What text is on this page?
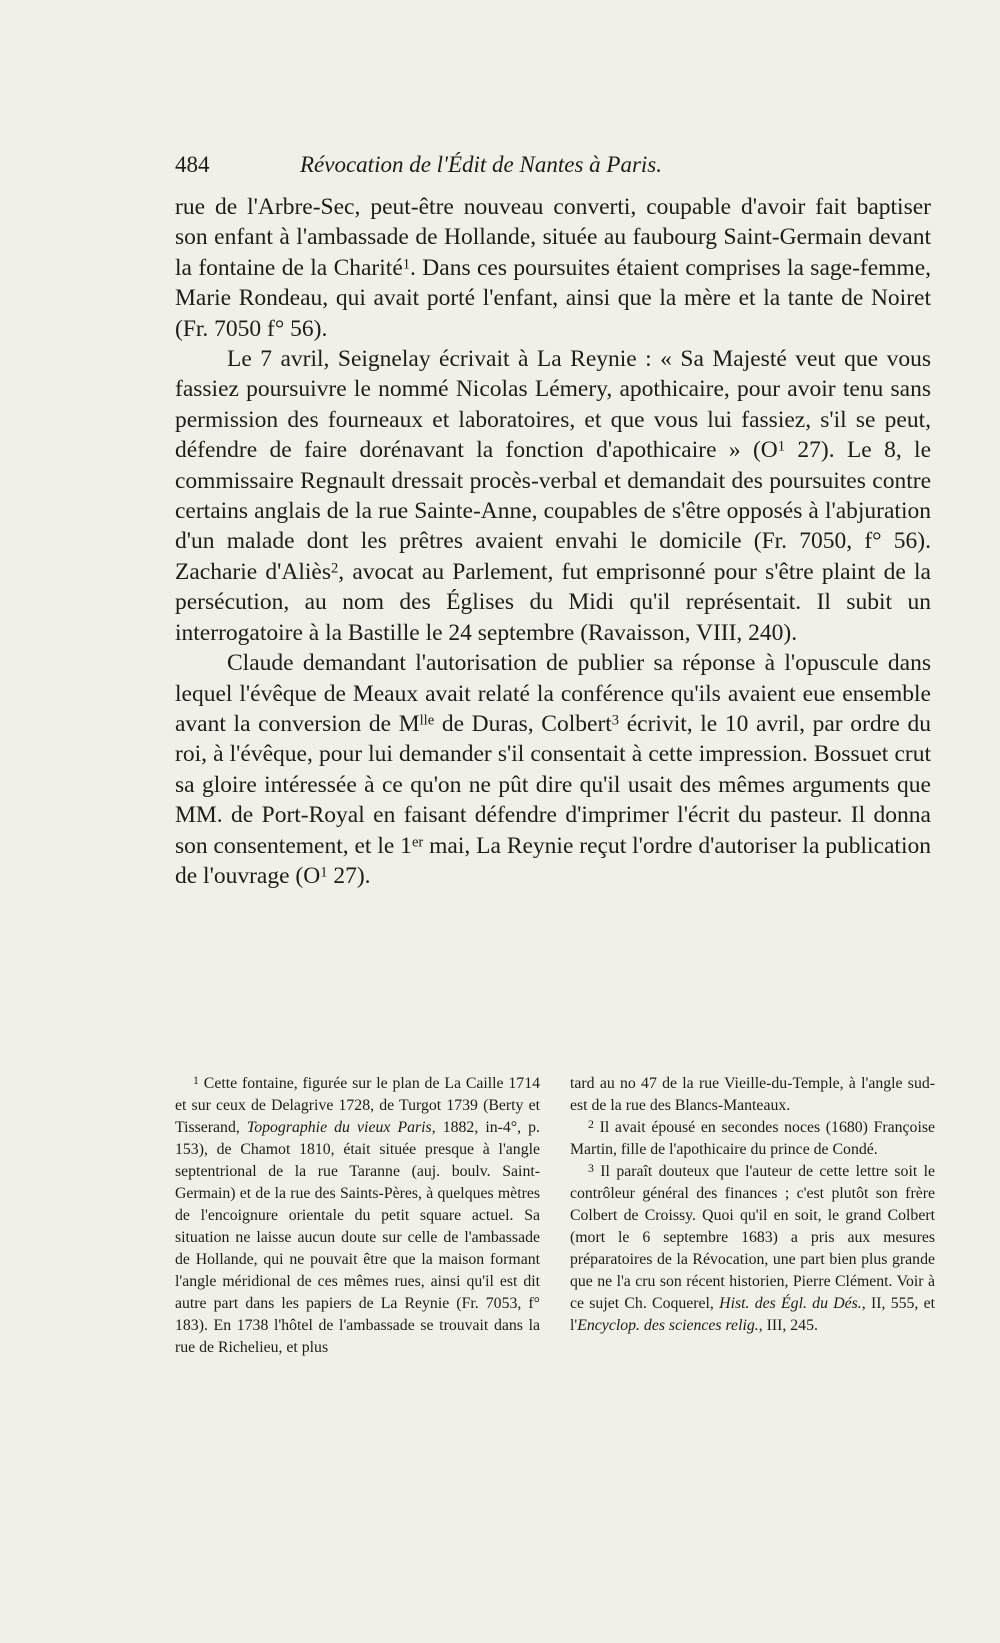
484	Révocation de l'Édit de Nantes à Paris.

rue de l'Arbre-Sec, peut-être nouveau converti, coupable d'avoir fait baptiser son enfant à l'ambassade de Hollande, située au faubourg Saint-Germain devant la fontaine de la Charité$^1$. Dans ces poursuites étaient comprises la sage-femme, Marie Rondeau, qui avait porté l'enfant, ainsi que la mère et la tante de Noiret (Fr. 7050 f° 56).

Le 7 avril, Seignelay écrivait à La Reynie : « Sa Majesté veut que vous fassiez poursuivre le nommé Nicolas Lémery, apothicaire, pour avoir tenu sans permission des fourneaux et laboratoires, et que vous lui fassiez, s'il se peut, défendre de faire dorénavant la fonction d'apothicaire » ($O^1$ 27). Le 8, le commissaire Regnault dressait procès-verbal et demandait des poursuites contre certains anglais de la rue Sainte-Anne, coupables de s'être opposés à l'abjuration d'un malade dont les prêtres avaient envahi le domicile (Fr. 7050, f° 56). Zacharie d'Aliès$^2$, avocat au Parlement, fut emprisonné pour s'être plaint de la persécution, au nom des Églises du Midi qu'il représentait. Il subit un interrogatoire à la Bastille le 24 septembre (Ravaisson, VIII, 240).

Claude demandant l'autorisation de publier sa réponse à l'opuscule dans lequel l'évêque de Meaux avait relaté la conférence qu'ils avaient eue ensemble avant la conversion de $M^{lle}$ de Duras, Colbert$^3$ écrivit, le 10 avril, par ordre du roi, à l'évêque, pour lui demander s'il consentait à cette impression. Bossuet crut sa gloire intéressée à ce qu'on ne pût dire qu'il usait des mêmes arguments que MM. de Port-Royal en faisant défendre d'imprimer l'écrit du pasteur. Il donna son consentement, et le 1er mai, La Reynie reçut l'ordre d'autoriser la publication de l'ouvrage ($O^1$ 27).

$^1$ Cette fontaine, figurée sur le plan de La Caille 1714 et sur ceux de Delagrive 1728, de Turgot 1739 (Berty et Tisserand, Topographie du vieux Paris, 1882, in-4°, p. 153), de Chamot 1810, était située presque à l'angle septentrional de la rue Taranne (auj. boulv. Saint-Germain) et de la rue des Saints-Pères, à quelques mètres de l'encoignure orientale du petit square actuel. Sa situation ne laisse aucun doute sur celle de l'ambassade de Hollande, qui ne pouvait être que la maison formant l'angle méridional de ces mêmes rues, ainsi qu'il est dit autre part dans les papiers de La Reynie (Fr. 7053, f° 183). En 1738 l'hôtel de l'ambassade se trouvait dans la rue de Richelieu, et plus

tard au no 47 de la rue Vieille-du-Temple, à l'angle sud-est de la rue des Blancs-Manteaux.

$^2$ Il avait épousé en secondes noces (1680) Françoise Martin, fille de l'apothicaire du prince de Condé.

$^3$ Il paraît douteux que l'auteur de cette lettre soit le contrôleur général des finances ; c'est plutôt son frère Colbert de Croissy. Quoi qu'il en soit, le grand Colbert (mort le 6 septembre 1683) a pris aux mesures préparatoires de la Révocation, une part bien plus grande que ne l'a cru son récent historien, Pierre Clément. Voir à ce sujet Ch. Coquerel, Hist. des Égl. du Dés., II, 555, et l'Encyclop. des sciences relig., III, 245.
